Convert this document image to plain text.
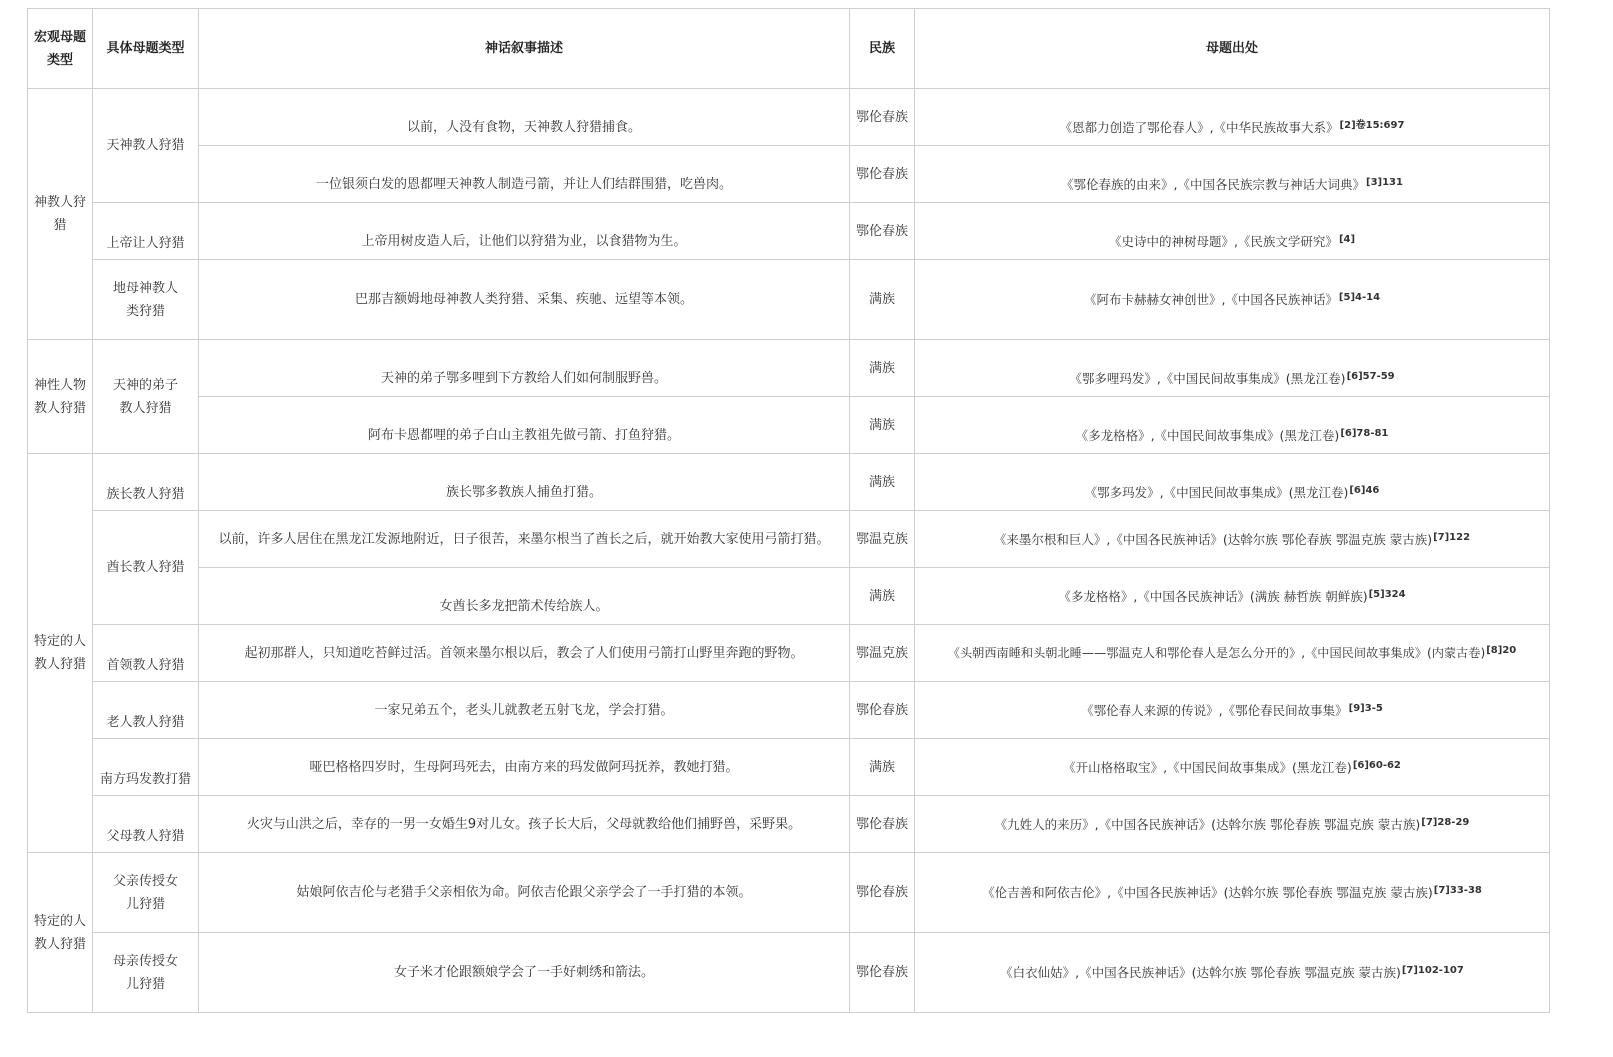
宏观母题类型	具体母题类型	神话叙事描述	民族	母题出处
神教人狩猎	天神教人狩猎	以前，人没有食物，天神教人狩猎捕食。	鄂伦春族	《恩都力创造了鄂伦春人》,《中华民族故事大系》$^{[2]卷15:697}$
		一位银须白发的恩都哩天神教人制造弓箭，并让人们结群围猎，吃兽肉。	鄂伦春族	《鄂伦春族的由来》,《中国各民族宗教与神话大词典》$^{[3]131}$
	上帝让人狩猎	上帝用树皮造人后，让他们以狩猎为业，以食猎物为生。	鄂伦春族	《史诗中的神树母题》,《民族文学研究》[4]
	地母神教人类狩猎	巴那吉额姆地母神教人类狩猎、采集、疾驰、远望等本领。	满族	《阿布卡赫赫女神创世》,《中国各民族神话》$^{[5]4-14}$
神性人物教人狩猎	天神的弟子教人狩猎	天神的弟子鄂多哩到下方教给人们如何制服野兽。	满族	《鄂多哩玛发》,《中国民间故事集成》(黑龙江卷)$^{[6]57-59}$
		阿布卡恩都哩的弟子白山主教祖先做弓箭、打鱼狩猎。	满族	《多龙格格》,《中国民间故事集成》(黑龙江卷)$^{[6]78-81}$
特定的人教人狩猎	族长教人狩猎	族长鄂多教族人捕鱼打猎。	满族	《鄂多玛发》,《中国民间故事集成》(黑龙江卷)$^{[6]46}$
	酋长教人狩猎	以前，许多人居住在黑龙江发源地附近，日子很苦，来墨尔根当了酋长之后，就开始教大家使用弓箭打猎。	鄂温克族	《来墨尔根和巨人》,《中国各民族神话》(达斡尔族 鄂伦春族 鄂温克族 蒙古族)$^{[7]122}$
		女酋长多龙把箭术传给族人。	满族	《多龙格格》,《中国各民族神话》(满族 赫哲族 朝鲜族)$^{[5]324}$
	首领教人狩猎	起初那群人，只知道吃苔鲜过活。首领来墨尔根以后，教会了人们使用弓箭打山野里奔跑的野物。	鄂温克族	《头朝西南睡和头朝北睡——鄂温克人和鄂伦春人是怎么分开的》,《中国民间故事集成》(内蒙古卷)$^{[8]20}$
	老人教人狩猎	一家兄弟五个，老头儿就教老五射飞龙，学会打猎。	鄂伦春族	《鄂伦春人来源的传说》,《鄂伦春民间故事集》$^{[9]3-5}$
	南方玛发教打猎	哑巴格格四岁时，生母阿玛死去，由南方来的玛发做阿玛抚养，教她打猎。	满族	《开山格格取宝》,《中国民间故事集成》(黑龙江卷)$^{[6]60-62}$
	父母教人狩猎	火灾与山洪之后，幸存的一男一女婚生9对儿女。孩子长大后，父母就教给他们捕野兽，采野果。	鄂伦春族	《九姓人的来历》,《中国各民族神话》(达斡尔族 鄂伦春族 鄂温克族 蒙古族)$^{[7]28-29}$
特定的人教人狩猎	父亲传授女儿狩猎	姑娘阿依吉伦与老猎手父亲相依为命。阿依吉伦跟父亲学会了一手打猎的本领。	鄂伦春族	《伦吉善和阿依吉伦》,《中国各民族神话》(达斡尔族 鄂伦春族 鄂温克族 蒙古族)$^{[7]33-38}$
	母亲传授女儿狩猎	女子米才伦跟额娘学会了一手好刺绣和箭法。	鄂伦春族	《白衣仙姑》,《中国各民族神话》(达斡尔族 鄂伦春族 鄂温克族 蒙古族)$^{[7]102-107}$
